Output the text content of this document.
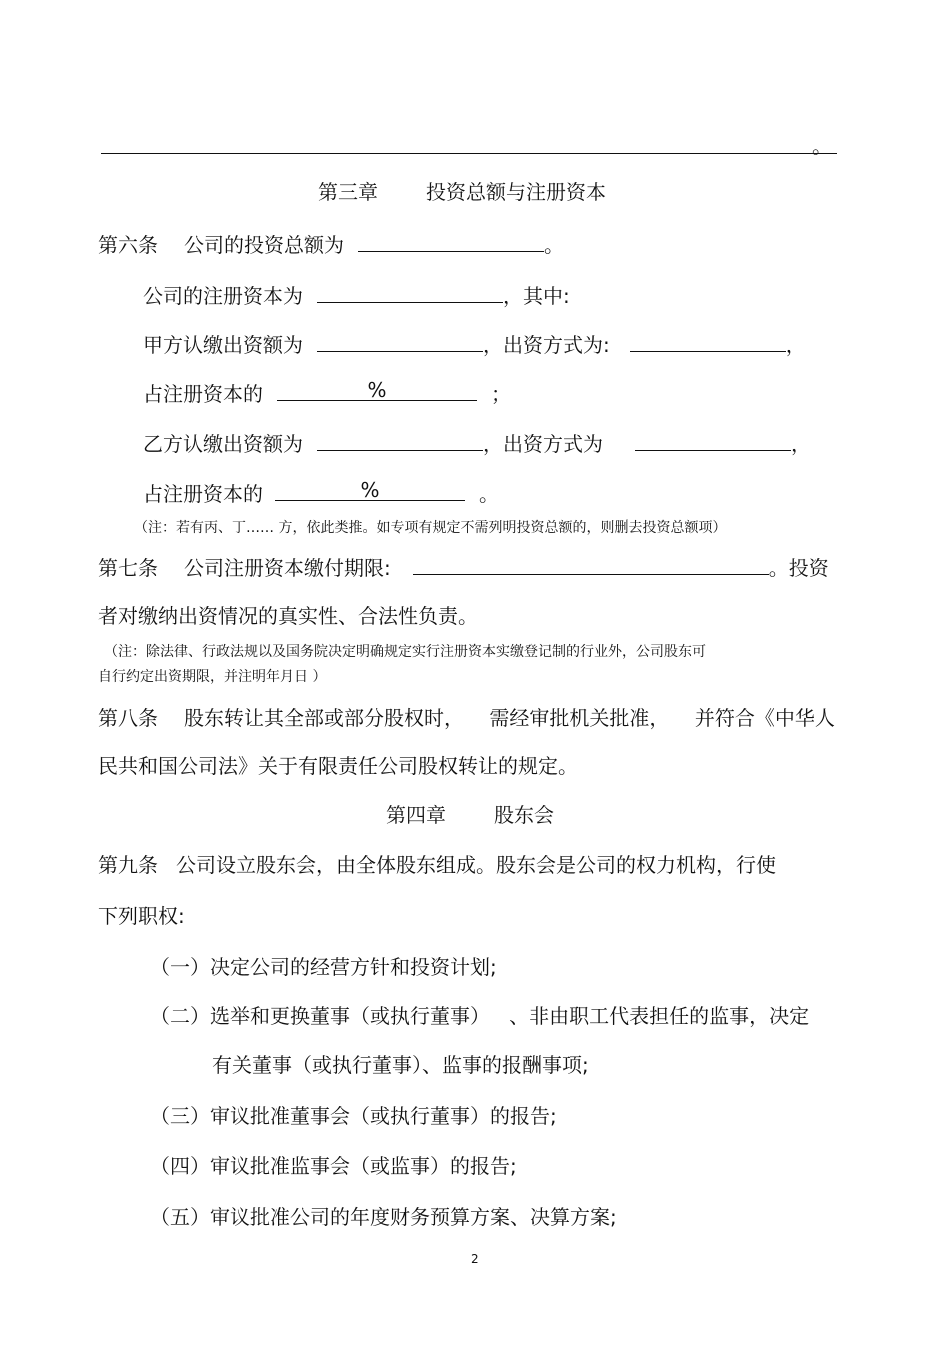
。
第三章 投资总额与注册资本
第六条 公司的投资总额为	。
公司的注册资本为	，其中:
甲方认缴出资额为	，出资方式为:	，
占注册资本的	%	；
乙方认缴出资额为	，出资方式为	，
占注册资本的	%	。
（注：若有丙、丁…… 方，依此类推。如专项有规定不需列明投资总额的，则删去投资总额项）
第七条 公司注册资本缴付期限:	。投资
者对缴纳出资情况的真实性、合法性负责。
（注：除法律、行政法规以及国务院决定明确规定实行注册资本实缴登记制的行业外，公司股东可
自行约定出资期限，并注明年月日 ）
第八条 股东转让其全部或部分股权时，    需经审批机关批准，    并符合《中华人
民共和国公司法》关于有限责任公司股权转让的规定。
第四章 股东会
第九条 公司设立股东会，由全体股东组成。股东会是公司的权力机构，行使
下列职权:
（一）决定公司的经营方针和投资计划;
（二）选举和更换董事（或执行董事）   、非由职工代表担任的监事，决定
有关董事（或执行董事）、监事的报酬事项;
（三）审议批准董事会（或执行董事）的报告;
（四）审议批准监事会（或监事）的报告;
（五）审议批准公司的年度财务预算方案、决算方案;
2
